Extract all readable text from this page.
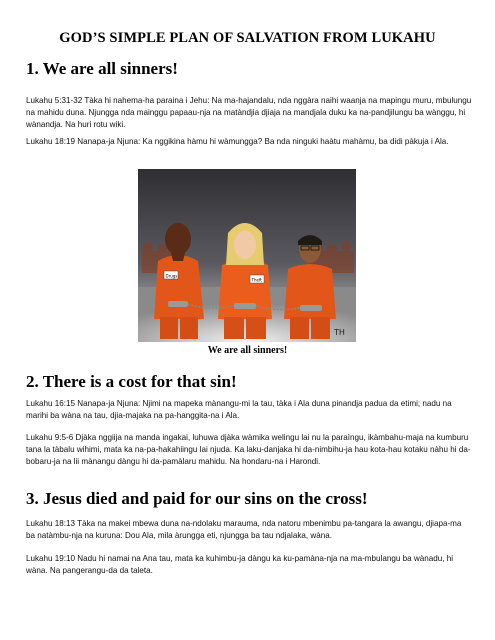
GOD’S SIMPLE PLAN OF SALVATION FROM LUKAHU
1. We are all sinners!
Lukahu 5:31-32 Tàka hi nahema-ha paraina i Jehu: Na ma-hajandalu, nda nggàra naihi waanja na mapingu muru, mbulungu na mahidu duna. Njungga nda mainggu papaau-nja na matàndjia djiaja na mandjala duku ka na-pandjilungu ba wànggu, hi wànandja. Na huri rotu wiki.
Lukahu 18:19 Nanapa-ja Njuna: Ka nggikina hàmu hi wàmungga? Ba nda ninguki haàtu mahàmu, ba didi pàkuja i Ala.
Drugs
Theft
TH
We are all sinners!
2. There is a cost for that sin!
Lukahu 16:15 Nanapa-ja Njuna: Njimi na mapeka mànangu-mi la tau, tàka i Ala duna pinandja padua da etimi; nadu na marihi ba wàna na tau, djia-majaka na pa-hanggita-na i Ala.
Lukahu 9:5-6 Djàka nggiija na manda ingakai, luhuwa djàka wàmika welingu lai nu la paraìngu, ikàmbahu-maja na kumburu tana la tàbalu wihimi, mata ka na-pa-hakahiingu lai njuda. Ka laku-danjaka hi da-nimbihu-ja hau kota-hau kotaku nàhu hi da-bobaru-ja na lii mànangu dàngu hi da-pamàlaru mahidu. Na hondaru-na i Harondi.
3. Jesus died and paid for our sins on the cross!
Lukahu 18:13 Tàka na makei mbewa duna na-ndolaku marauma, nda natoru mbenimbu pa-tangara la awangu, djiapa-ma ba natàmbu-nja na kuruna: Dou Ala, mila àrungga eti, njungga ba tau ndjalaka, wàna.
Lukahu 19:10 Nadu hi namai na Ana tau, mata ka kuhimbu-ja dàngu ka ku-pamàna-nja na ma-mbulangu ba wànadu, hi wàna. Na pangerangu-da da taleta.
